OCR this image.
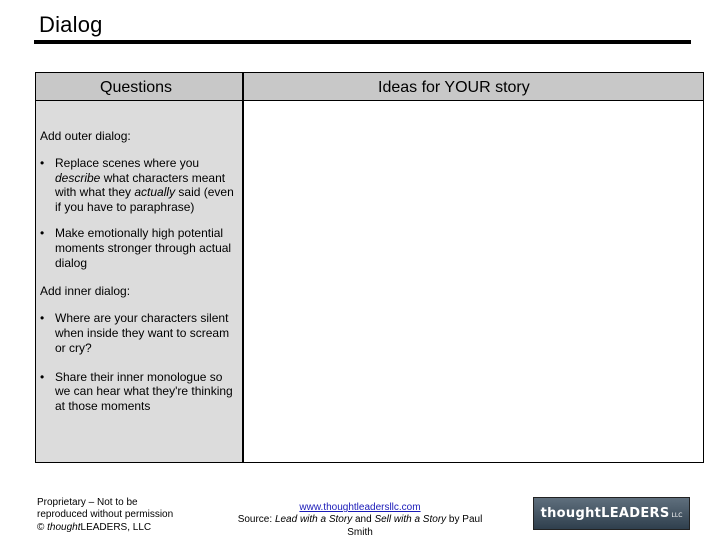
Dialog
Questions	Ideas for YOUR story
Add outer dialog:
• Replace scenes where you describe what characters meant with what they actually said (even if you have to paraphrase)
• Make emotionally high potential moments stronger through actual dialog
Add inner dialog:
• Where are your characters silent when inside they want to scream or cry?
• Share their inner monologue so we can hear what they're thinking at those moments
Proprietary – Not to be
reproduced without permission
© thoughtLEADERS, LLC
www.thoughtleadersllc.com
Source: Lead with a Story and Sell with a Story by Paul Smith
thoughtLEADERS LLC
